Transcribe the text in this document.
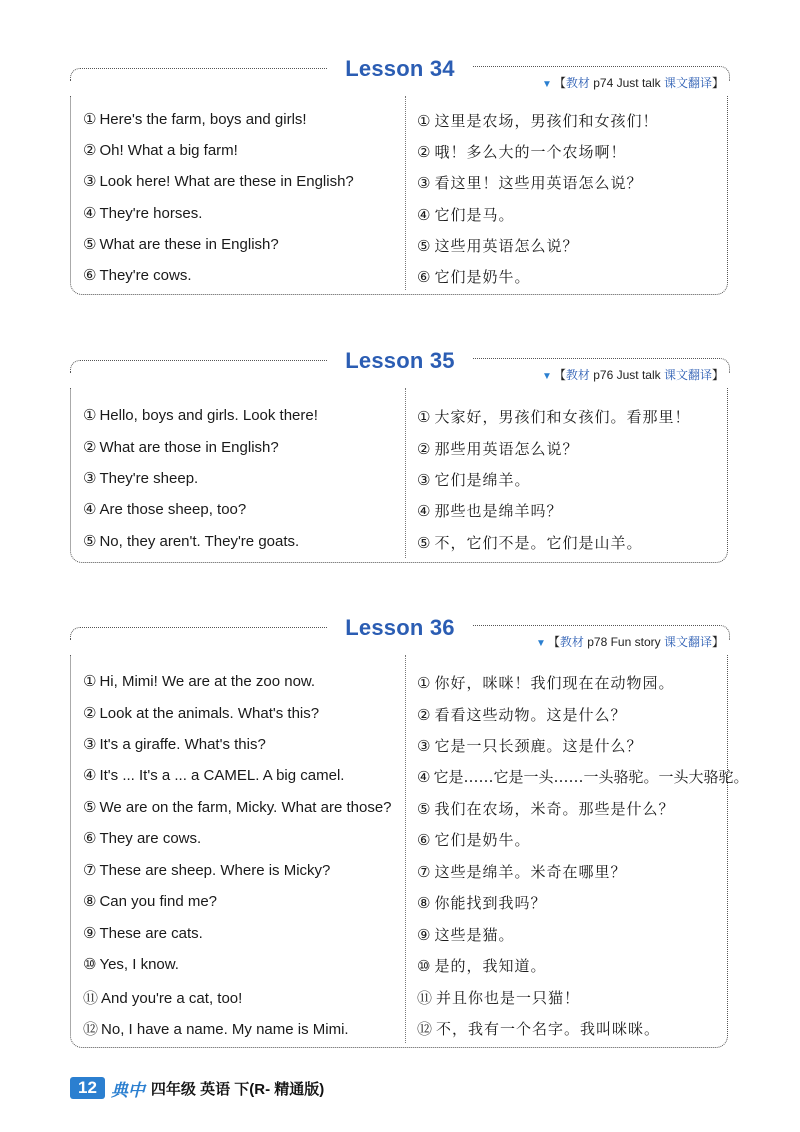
Lesson 34
▼ 【教材 p74 Just talk 课文翻译】
① Here's the farm, boys and girls!	① 这里是农场，男孩们和女孩们！
② Oh! What a big farm!	② 哦！多么大的一个农场啊！
③ Look here! What are these in English?	③ 看这里！这些用英语怎么说？
④ They're horses.	④ 它们是马。
⑤ What are these in English?	⑤ 这些用英语怎么说？
⑥ They're cows.	⑥ 它们是奶牛。
Lesson 35
▼ 【教材 p76 Just talk 课文翻译】
① Hello, boys and girls. Look there!	① 大家好，男孩们和女孩们。看那里！
② What are those in English?	② 那些用英语怎么说？
③ They're sheep.	③ 它们是绵羊。
④ Are those sheep, too?	④ 那些也是绵羊吗？
⑤ No, they aren't. They're goats.	⑤ 不，它们不是。它们是山羊。
Lesson 36
▼ 【教材 p78 Fun story 课文翻译】
① Hi, Mimi! We are at the zoo now.	① 你好，咪咪！我们现在在动物园。
② Look at the animals. What's this?	② 看看这些动物。这是什么？
③ It's a giraffe. What's this?	③ 它是一只长颈鹿。这是什么？
④ It's ... It's a ... a CAMEL. A big camel.	④ 它是……它是一头……一头骆驼。一头大骆驼。
⑤ We are on the farm, Micky. What are those? ⑤ 我们在农场，米奇。那些是什么？
⑥ They are cows.	⑥ 它们是奶牛。
⑦ These are sheep. Where is Micky?	⑦ 这些是绵羊。米奇在哪里？
⑧ Can you find me?	⑧ 你能找到我吗？
⑨ These are cats.	⑨ 这些是猫。
⑩ Yes, I know.	⑩ 是的，我知道。
⑪ And you're a cat, too!	⑪ 并且你也是一只猫！
⑫ No, I have a name. My name is Mimi.	⑫ 不，我有一个名字。我叫咪咪。
12 典中 四年级 英语 下(R- 精通版)
